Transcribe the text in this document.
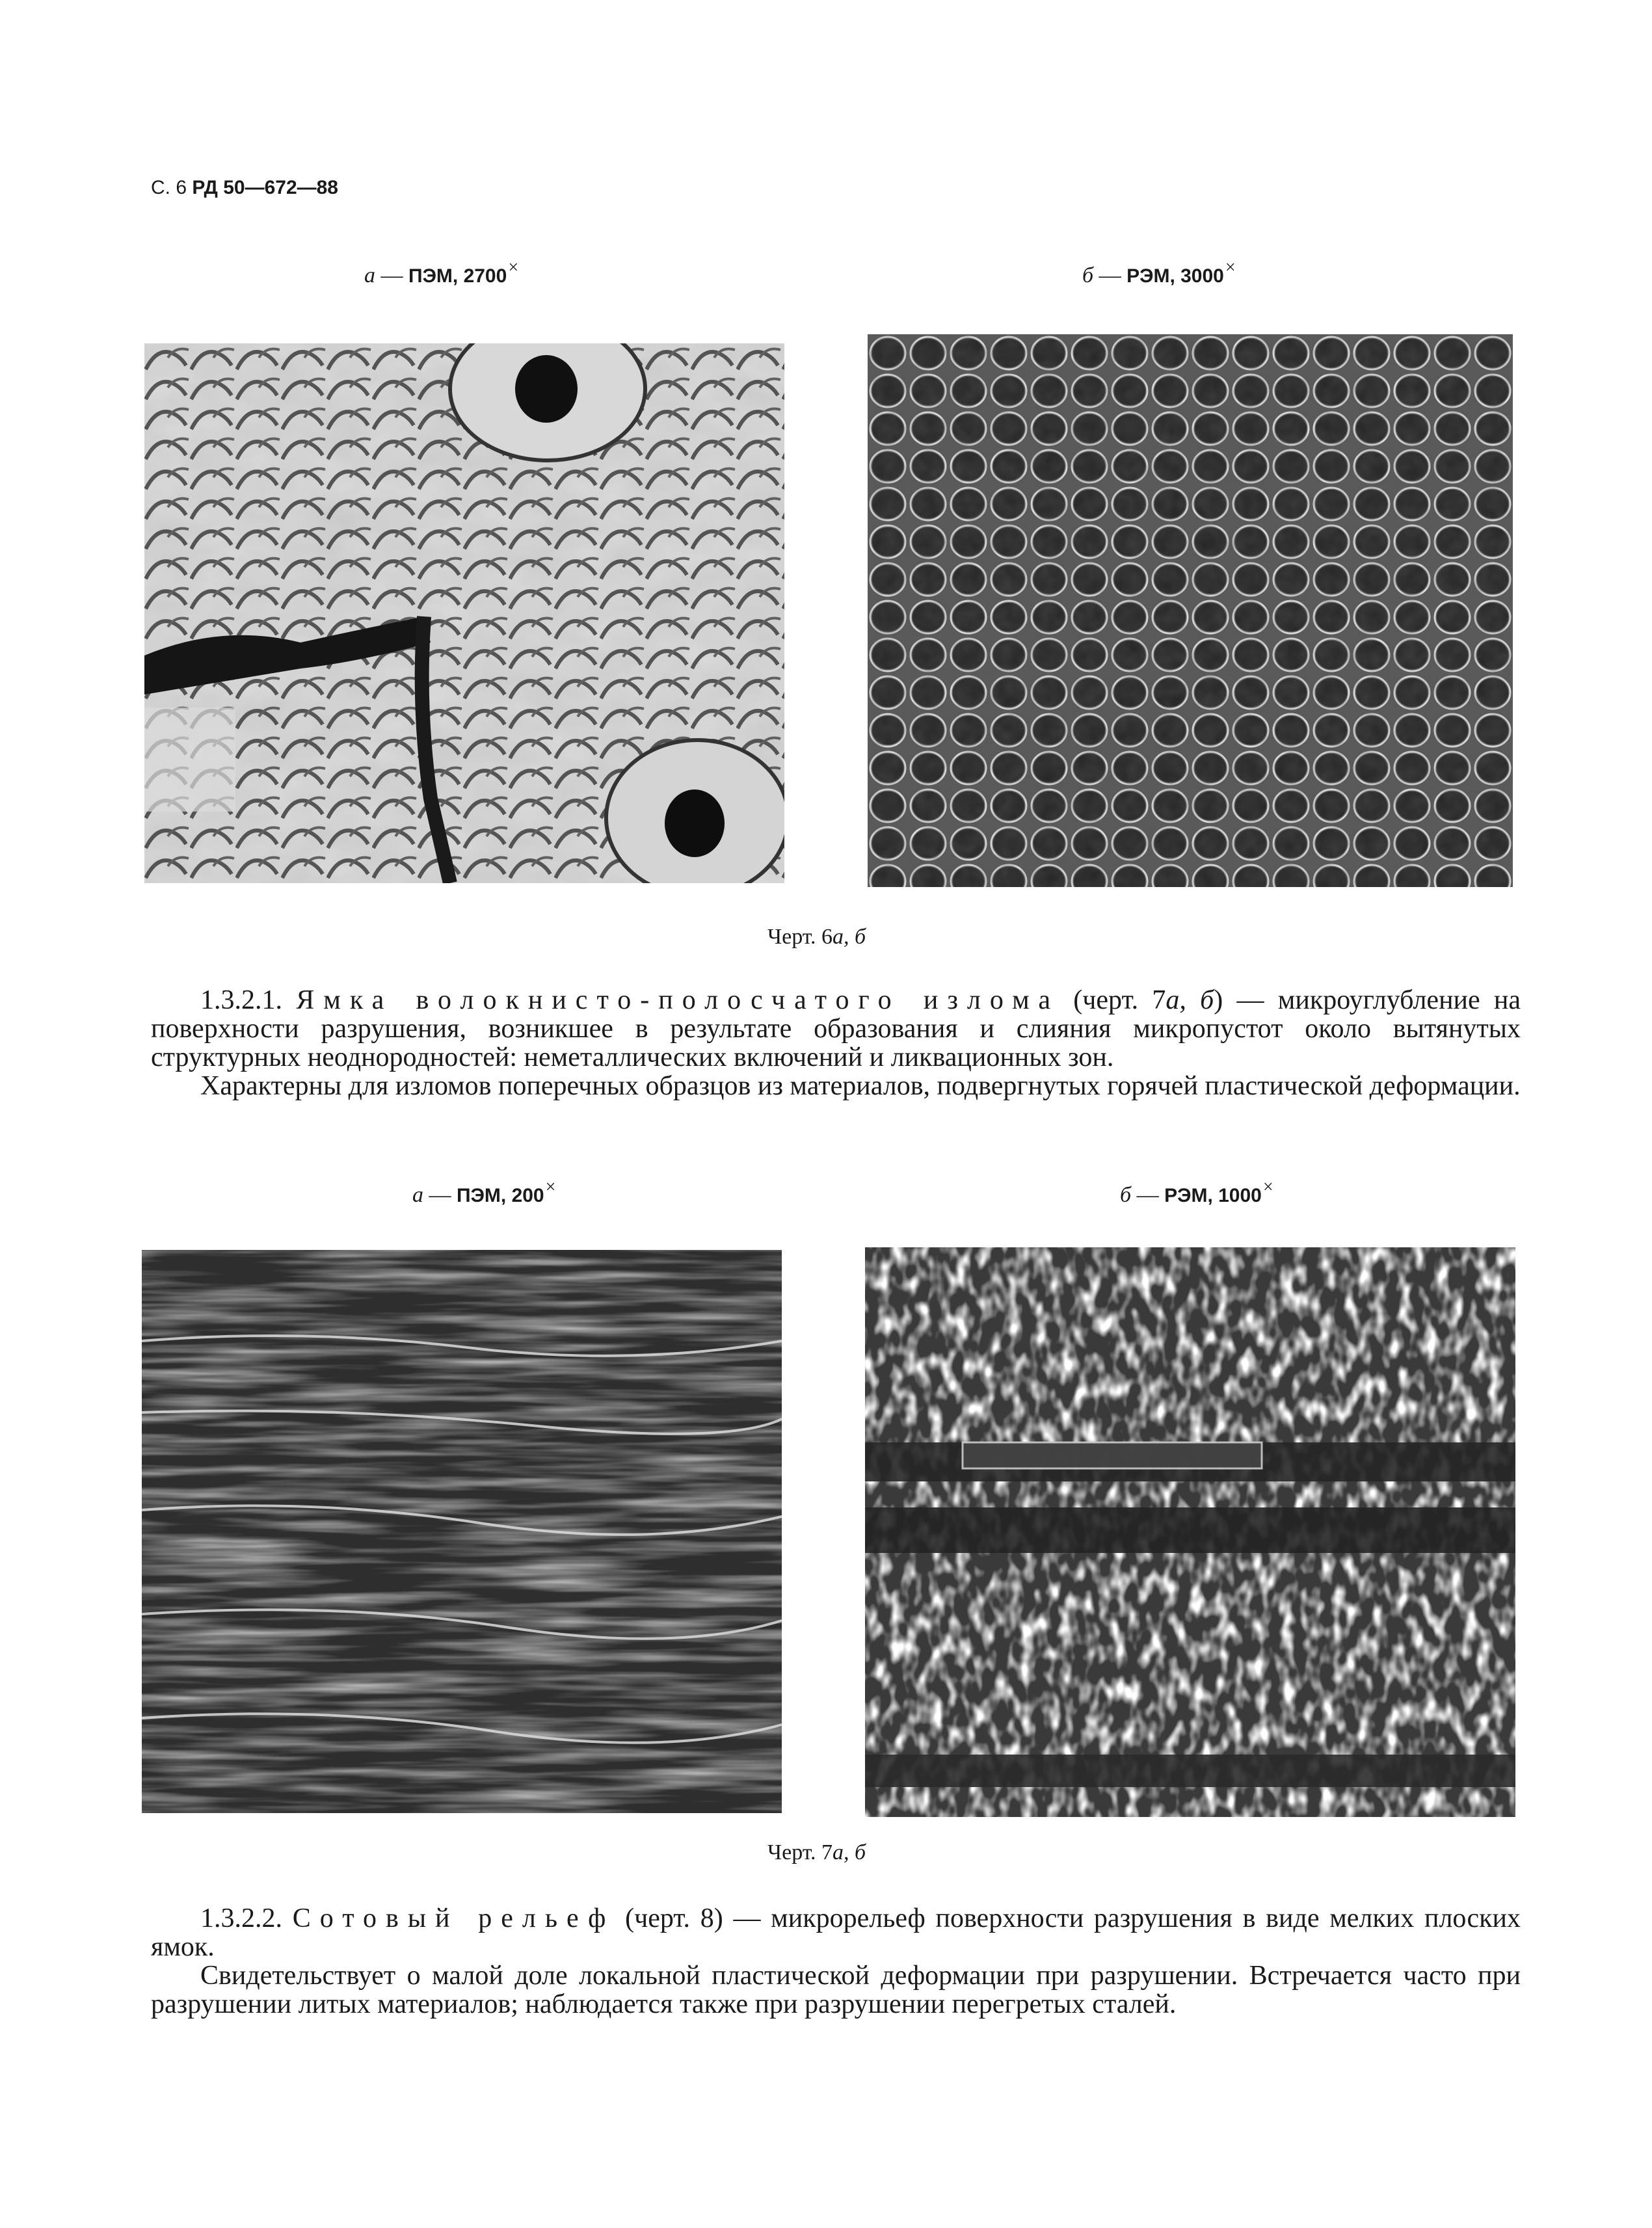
С. 6 РД 50—672—88
а — ПЭМ, 2700×	б — РЭМ, 3000×
Черт. 6а, б

1.3.2.1. Ямка волокнисто-полосчатого излома (черт. 7а, б) — микроуглубление на поверхности разрушения, возникшее в результате образования и слияния микропустот около вытянутых структурных неоднородностей: неметаллических включений и ликвационных зон.

Характерны для изломов поперечных образцов из материалов, подвергнутых горячей пластической деформации.

а — ПЭМ, 200×	б — РЭМ, 1000×
Черт. 7а, б

1.3.2.2. Сотовый рельеф (черт. 8) — микрорельеф поверхности разрушения в виде мелких плоских ямок.

Свидетельствует о малой доле локальной пластической деформации при разрушении. Встречается часто при разрушении литых материалов; наблюдается также при разрушении перегретых сталей.
